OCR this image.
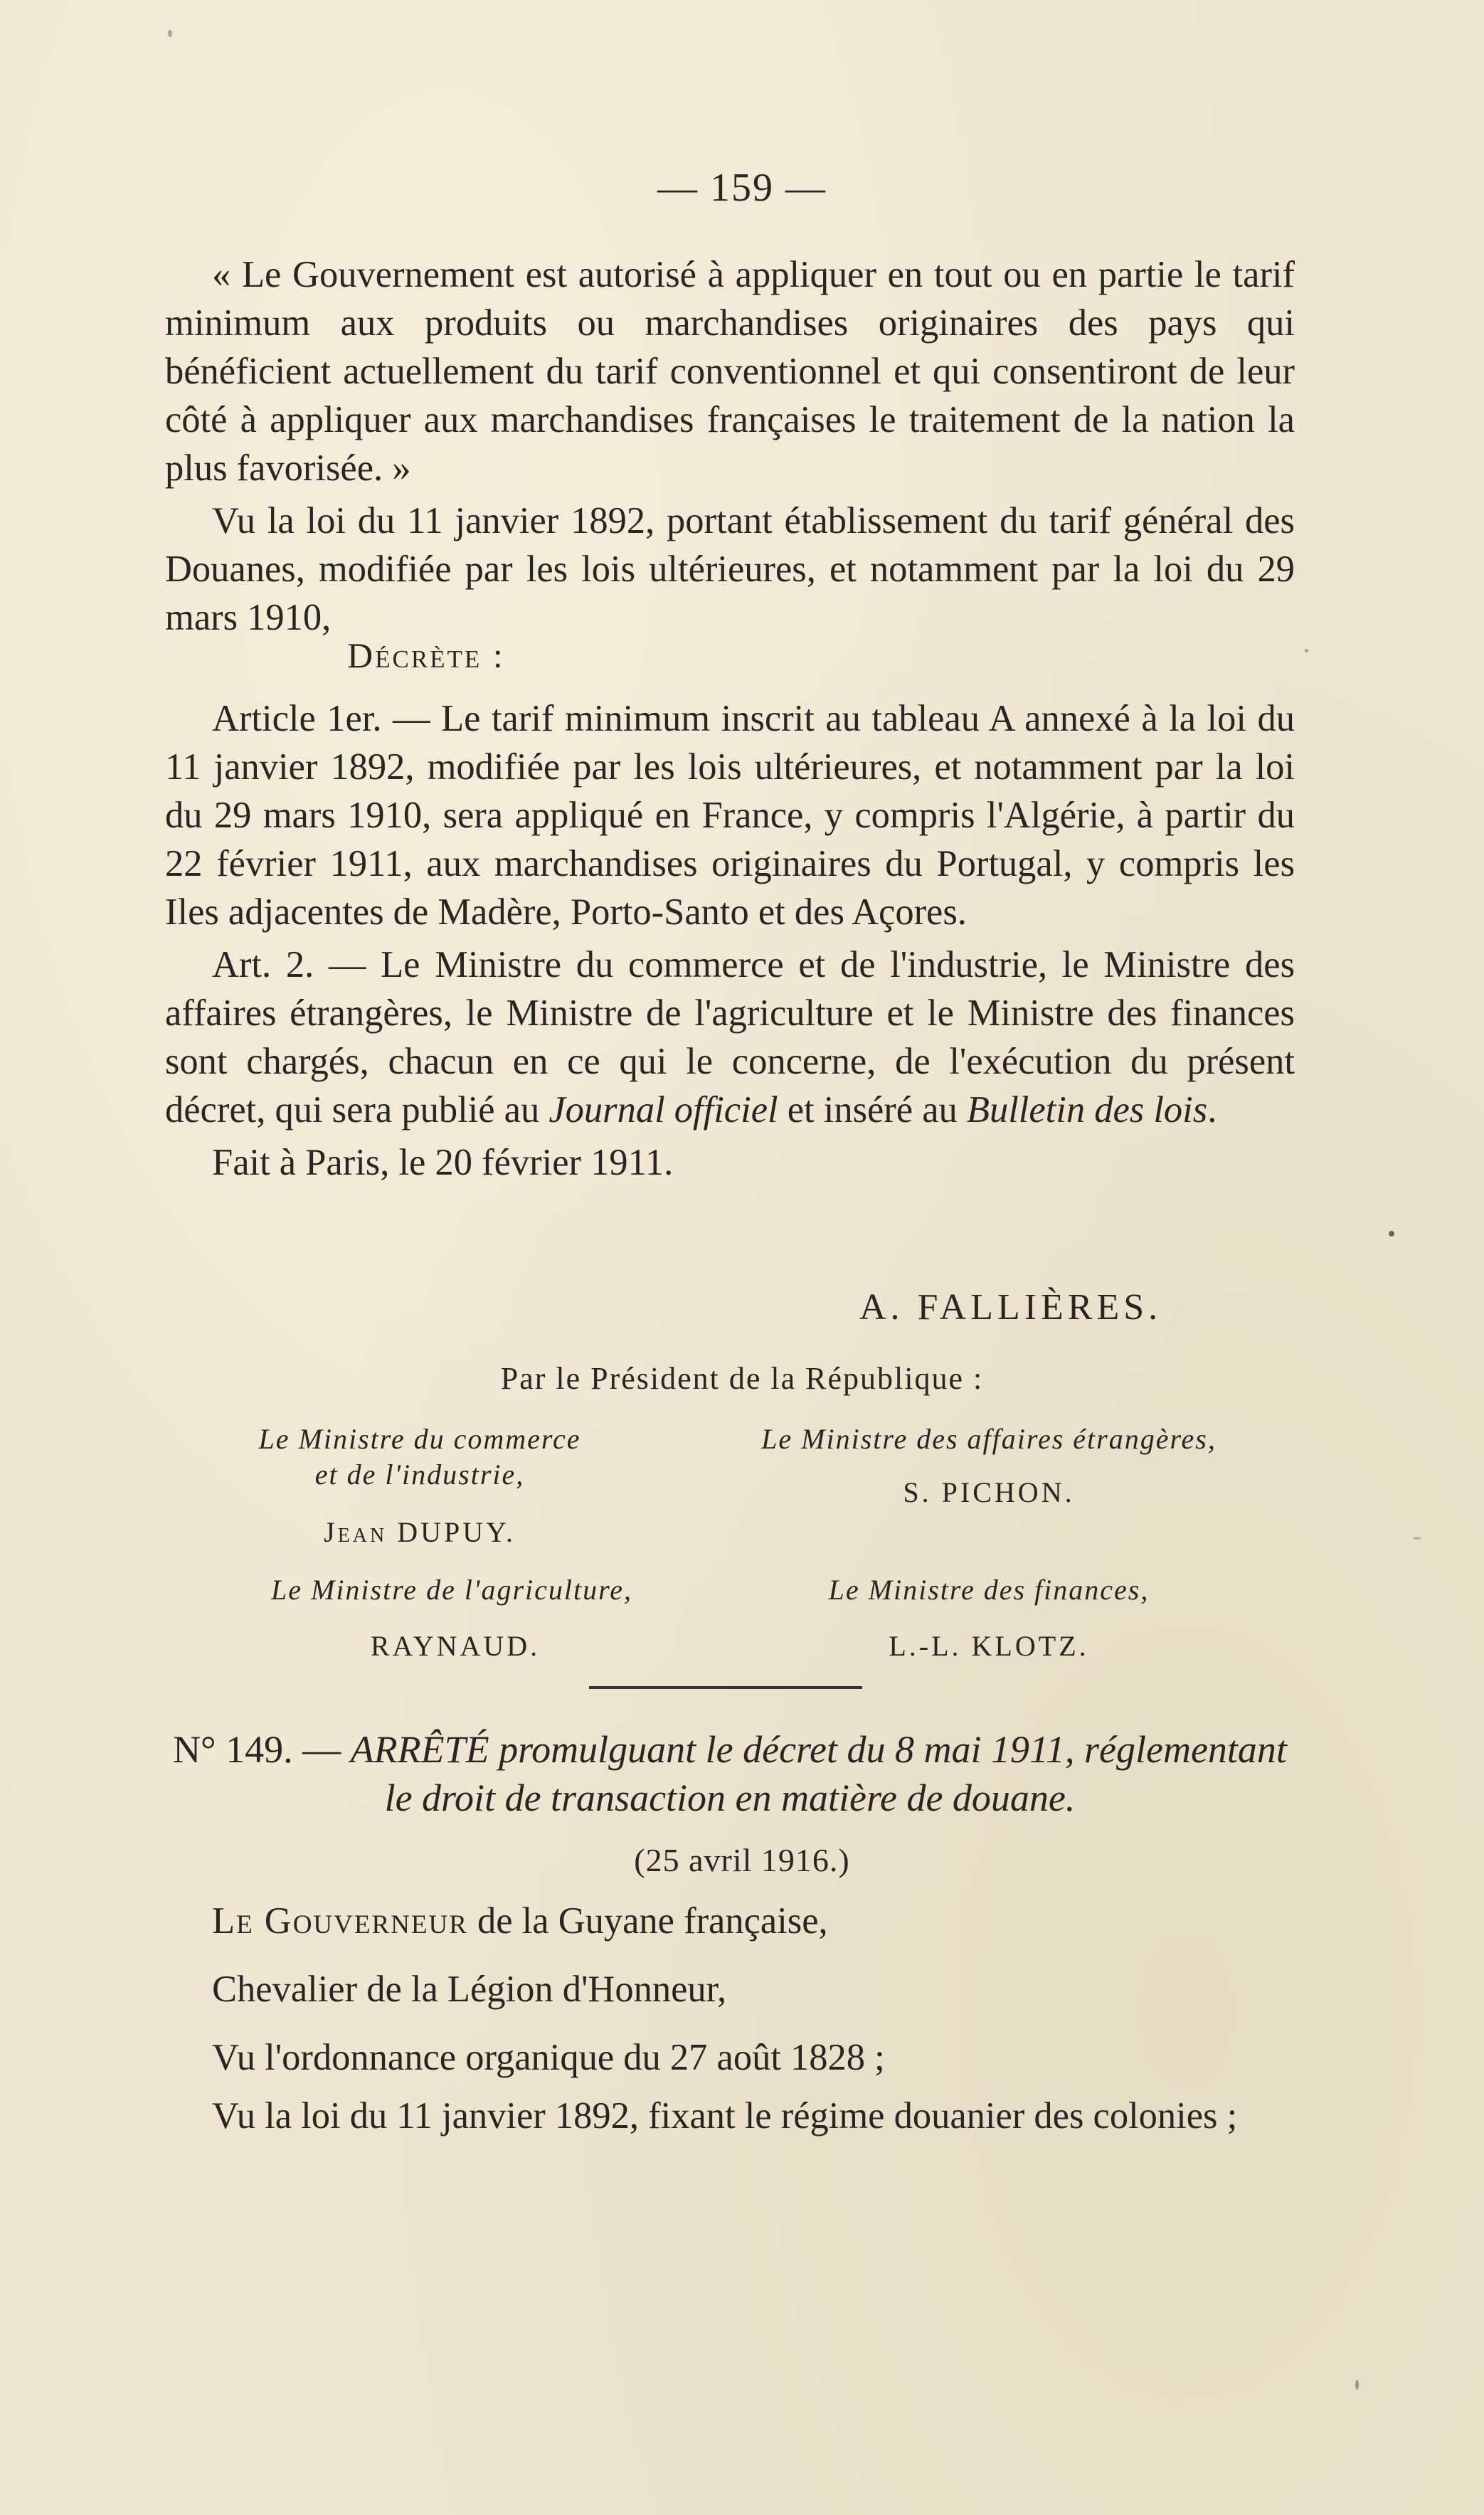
— 159 —

« Le Gouvernement est autorisé à appliquer en tout ou en partie le tarif minimum aux produits ou marchandises originaires des pays qui bénéficient actuellement du tarif conventionnel et qui consentiront de leur côté à appliquer aux marchandises françaises le traitement de la nation la plus favorisée. »

Vu la loi du 11 janvier 1892, portant établissement du tarif général des Douanes, modifiée par les lois ultérieures, et notamment par la loi du 29 mars 1910,

Décrète :

Article 1er. — Le tarif minimum inscrit au tableau A annexé à la loi du 11 janvier 1892, modifiée par les lois ultérieures, et notamment par la loi du 29 mars 1910, sera appliqué en France, y compris l'Algérie, à partir du 22 février 1911, aux marchandises originaires du Portugal, y compris les Iles adjacentes de Madère, Porto-Santo et des Açores.

Art. 2. — Le Ministre du commerce et de l'industrie, le Ministre des affaires étrangères, le Ministre de l'agriculture et le Ministre des finances sont chargés, chacun en ce qui le concerne, de l'exécution du présent décret, qui sera publié au Journal officiel et inséré au Bulletin des lois.

Fait à Paris, le 20 février 1911.

A. FALLIÈRES.
Par le Président de la République :
Le Ministre du commerce
et de l'industrie,
Jean DUPUY.
Le Ministre de l'agriculture,
RAYNAUD.
Le Ministre des affaires étrangères,
S. PICHON.
Le Ministre des finances,
L.-L. KLOTZ.
N° 149. — ARRÊTÉ promulguant le décret du 8 mai 1911, réglementant le droit de transaction en matière de douane.
(25 avril 1916.)

Le Gouverneur de la Guyane française,

Chevalier de la Légion d'Honneur,

Vu l'ordonnance organique du 27 août 1828 ;

Vu la loi du 11 janvier 1892, fixant le régime douanier des colonies ;
